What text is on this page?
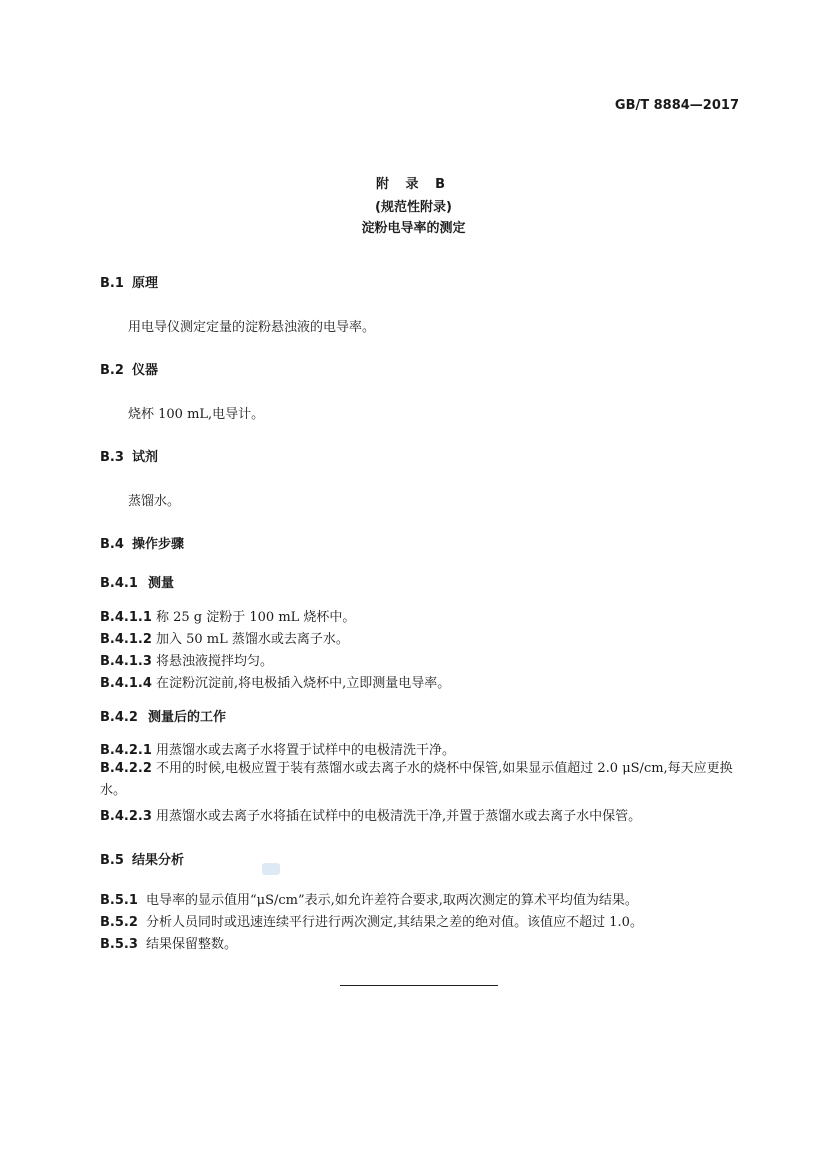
GB/T 8884—2017
附 录 B
(规范性附录)
淀粉电导率的测定
B.1 原理
用电导仪测定定量的淀粉悬浊液的电导率。
B.2 仪器
烧杯 100 mL,电导计。
B.3 试剂
蒸馏水。
B.4 操作步骤
B.4.1 测量
B.4.1.1 称 25 g 淀粉于 100 mL 烧杯中。
B.4.1.2 加入 50 mL 蒸馏水或去离子水。
B.4.1.3 将悬浊液搅拌均匀。
B.4.1.4 在淀粉沉淀前,将电极插入烧杯中,立即测量电导率。
B.4.2 测量后的工作
B.4.2.1 用蒸馏水或去离子水将置于试样中的电极清洗干净。
B.4.2.2 不用的时候,电极应置于装有蒸馏水或去离子水的烧杯中保管,如果显示值超过 2.0 μS/cm,每天应更换水。
B.4.2.3 用蒸馏水或去离子水将插在试样中的电极清洗干净,并置于蒸馏水或去离子水中保管。
B.5 结果分析
B.5.1 电导率的显示值用“μS/cm”表示,如允许差符合要求,取两次测定的算术平均值为结果。
B.5.2 分析人员同时或迅速连续平行进行两次测定,其结果之差的绝对值。该值应不超过 1.0。
B.5.3 结果保留整数。
